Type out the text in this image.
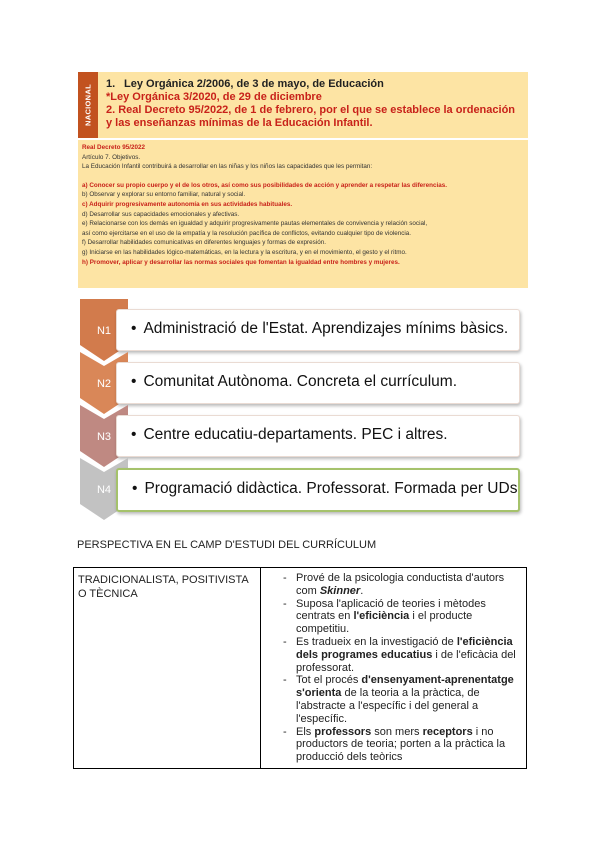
NACIONAL
1. Ley Orgánica 2/2006, de 3 de mayo, de Educación
*Ley Orgánica 3/2020, de 29 de diciembre
2. Real Decreto 95/2022, de 1 de febrero, por el que se establece la ordenación y las enseñanzas mínimas de la Educación Infantil.
Real Decreto 95/2022
Artículo 7. Objetivos.
La Educación Infantil contribuirá a desarrollar en las niñas y los niños las capacidades que les permitan:
a) Conocer su propio cuerpo y el de los otros, así como sus posibilidades de acción y aprender a respetar las diferencias.
b) Observar y explorar su entorno familiar, natural y social.
c) Adquirir progresivamente autonomía en sus actividades habituales.
d) Desarrollar sus capacidades emocionales y afectivas.
e) Relacionarse con los demás en igualdad y adquirir progresivamente pautas elementales de convivencia y relación social,
así como ejercitarse en el uso de la empatía y la resolución pacífica de conflictos, evitando cualquier tipo de violencia.
f) Desarrollar habilidades comunicativas en diferentes lenguajes y formas de expresión.
g) Iniciarse en las habilidades lógico-matemáticas, en la lectura y la escritura, y en el movimiento, el gesto y el ritmo.
h) Promover, aplicar y desarrollar las normas sociales que fomentan la igualdad entre hombres y mujeres.
N1	• Administració de l'Estat. Aprendizajes mínims bàsics.
N2	• Comunitat Autònoma. Concreta el currículum.
N3	• Centre educatiu-departaments. PEC i altres.
N4	• Programació didàctica. Professorat. Formada per UDs
PERSPECTIVA EN EL CAMP D'ESTUDI DEL CURRÍCULUM
TRADICIONALISTA, POSITIVISTA O TÈCNICA
- Prové de la psicologia conductista d'autors com Skinner.
- Suposa l'aplicació de teories i mètodes centrats en l'eficiència i el producte competitiu.
- Es tradueix en la investigació de l'eficiència dels programes educatius i de l'eficàcia del professorat.
- Tot el procés d'ensenyament-aprenentatge s'orienta de la teoria a la pràctica, de l'abstracte a l'específic i del general a l'específic.
- Els professors son mers receptors i no productors de teoria; porten a la pràctica la producció dels teòrics
